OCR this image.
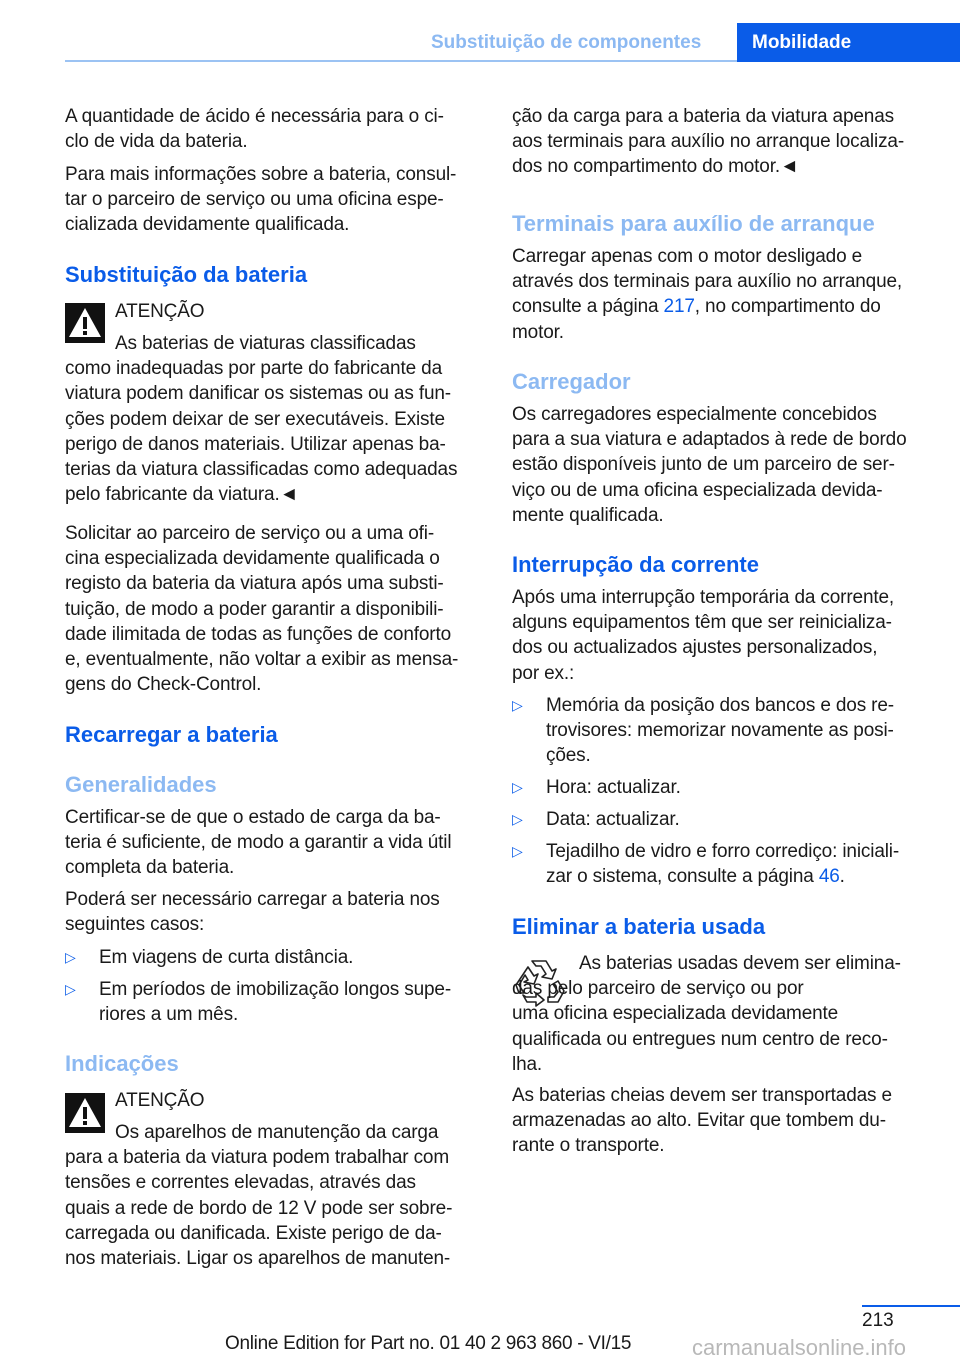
Substituição de componentes	Mobilidade
A quantidade de ácido é necessária para o ci-
clo de vida da bateria.
Para mais informações sobre a bateria, consul-
tar o parceiro de serviço ou uma oficina espe-
cializada devidamente qualificada.
Substituição da bateria
ATENÇÃO
As baterias de viaturas classificadas
como inadequadas por parte do fabricante da
viatura podem danificar os sistemas ou as fun-
ções podem deixar de ser executáveis. Existe
perigo de danos materiais. Utilizar apenas ba-
terias da viatura classificadas como adequadas
pelo fabricante da viatura.◄
Solicitar ao parceiro de serviço ou a uma ofi-
cina especializada devidamente qualificada o
registo da bateria da viatura após uma substi-
tuição, de modo a poder garantir a disponibili-
dade ilimitada de todas as funções de conforto
e, eventualmente, não voltar a exibir as mensa-
gens do Check-Control.
Recarregar a bateria
Generalidades
Certificar-se de que o estado de carga da ba-
teria é suficiente, de modo a garantir a vida útil
completa da bateria.
Poderá ser necessário carregar a bateria nos
seguintes casos:
▷ Em viagens de curta distância.
▷ Em períodos de imobilização longos supe-
riores a um mês.
Indicações
ATENÇÃO
Os aparelhos de manutenção da carga
para a bateria da viatura podem trabalhar com
tensões e correntes elevadas, através das
quais a rede de bordo de 12 V pode ser sobre-
carregada ou danificada. Existe perigo de da-
nos materiais. Ligar os aparelhos de manuten-
ção da carga para a bateria da viatura apenas
aos terminais para auxílio no arranque localiza-
dos no compartimento do motor.◄
Terminais para auxílio de arranque
Carregar apenas com o motor desligado e
através dos terminais para auxílio no arranque,
consulte a página 217, no compartimento do
motor.
Carregador
Os carregadores especialmente concebidos
para a sua viatura e adaptados à rede de bordo
estão disponíveis junto de um parceiro de ser-
viço ou de uma oficina especializada devida-
mente qualificada.
Interrupção da corrente
Após uma interrupção temporária da corrente,
alguns equipamentos têm que ser reinicializa-
dos ou actualizados ajustes personalizados,
por ex.:
▷ Memória da posição dos bancos e dos re-
trovisores: memorizar novamente as posi-
ções.
▷ Hora: actualizar.
▷ Data: actualizar.
▷ Tejadilho de vidro e forro corrediço: iniciali-
zar o sistema, consulte a página 46.
Eliminar a bateria usada
As baterias usadas devem ser elimina-
das pelo parceiro de serviço ou por
uma oficina especializada devidamente
qualificada ou entregues num centro de reco-
lha.
As baterias cheias devem ser transportadas e
armazenadas ao alto. Evitar que tombem du-
rante o transporte.
213
Online Edition for Part no. 01 40 2 963 860 - VI/15	carmanualsonline.info
